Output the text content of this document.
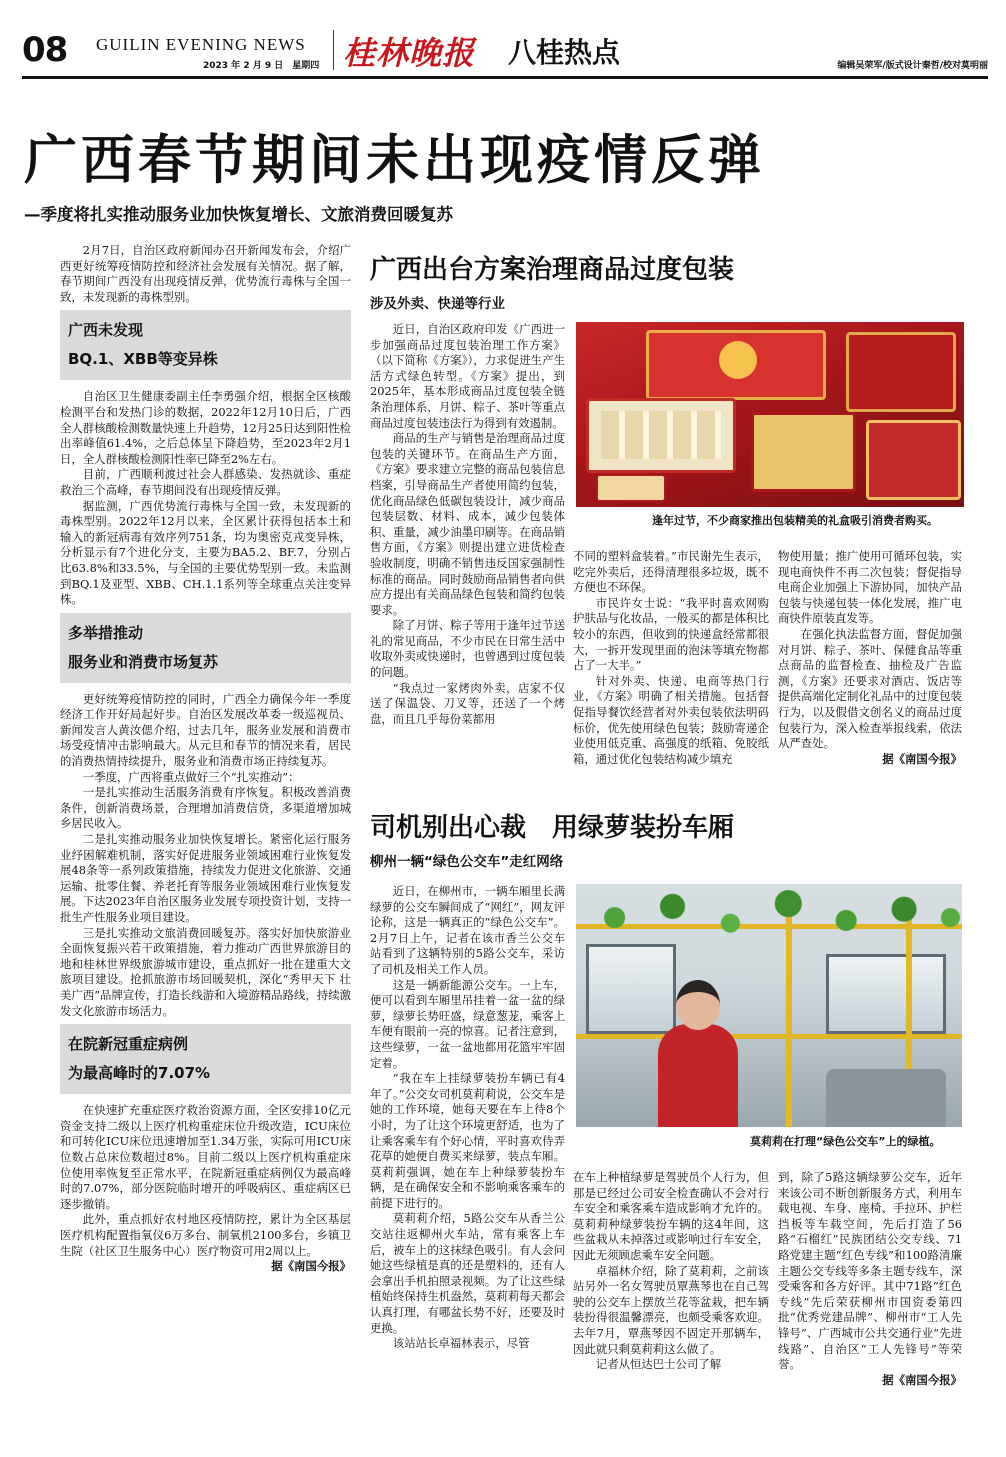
08 GUILIN EVENING NEWS
2023 年 2 月 9 日　星期四 桂林晚报 八桂热点	编辑吴荣军/版式设计秦哲/校对莫明丽
广西春节期间未出现疫情反弹
—季度将扎实推动服务业加快恢复增长、文旅消费回暖复苏

2月7日，自治区政府新闻办召开新闻发布会，介绍广西更好统筹疫情防控和经济社会发展有关情况。据了解，春节期间广西没有出现疫情反弹，优势流行毒株与全国一致，未发现新的毒株型别。

广西未发现
BQ.1、XBB等变异株

自治区卫生健康委副主任李勇强介绍，根据全区核酸检测平台和发热门诊的数据，2022年12月10日后，广西全人群核酸检测数量快速上升趋势，12月25日达到阳性检出率峰值61.4%，之后总体呈下降趋势，至2023年2月1日，全人群核酸检测阳性率已降至2%左右。

目前，广西顺利渡过社会人群感染、发热就诊、重症救治三个高峰，春节期间没有出现疫情反弹。

据监测，广西优势流行毒株与全国一致，未发现新的毒株型别。2022年12月以来，全区累计获得包括本土和输入的新冠病毒有效序列751条，均为奥密克戎变异株，分析显示有7个进化分支，主要为BA5.2、BF.7，分别占比63.8%和33.5%，与全国的主要优势型别一致。未监测到BQ.1及亚型、XBB、CH.1.1系列等全球重点关注变异株。

多举措推动
服务业和消费市场复苏

更好统筹疫情防控的同时，广西全力确保今年一季度经济工作开好局起好步。自治区发展改革委一级巡视员、新闻发言人黄汝偲介绍，过去几年，服务业发展和消费市场受疫情冲击影响最大。从元旦和春节的情况来看，居民的消费热情持续提升，服务业和消费市场正持续复苏。

一季度，广西将重点做好三个“扎实推动”：

一是扎实推动生活服务消费有序恢复。积极改善消费条件，创新消费场景，合理增加消费信贷，多渠道增加城乡居民收入。

二是扎实推动服务业加快恢复增长。紧密化运行服务业纾困解难机制，落实好促进服务业领域困难行业恢复发展48条等一系列政策措施，持续发力促进文化旅游、交通运输、批零住餐、养老托育等服务业领域困难行业恢复发展。下达2023年自治区服务业发展专项投资计划，支持一批生产性服务业项目建设。

三是扎实推动文旅消费回暖复苏。落实好加快旅游业全面恢复振兴若干政策措施，着力推动广西世界旅游目的地和桂林世界级旅游城市建设，重点抓好一批在建重大文旅项目建设。抢抓旅游市场回暖契机，深化“秀甲天下 壮美广西”品牌宣传，打造长线游和入境游精品路线，持续激发文化旅游市场活力。

在院新冠重症病例
为最高峰时的7.07%

在快速扩充重症医疗救治资源方面，全区安排10亿元资金支持二级以上医疗机构重症床位升级改造，ICU床位和可转化ICU床位迅速增加至1.34万张，实际可用ICU床位数占总床位数超过8%。目前二级以上医疗机构重症床位使用率恢复至正常水平，在院新冠重症病例仅为最高峰时的7.07%，部分医院临时增开的呼吸病区、重症病区已逐步撤销。

此外，重点抓好农村地区疫情防控，累计为全区基层医疗机构配置指氧仪6万多台、制氧机2100多台，乡镇卫生院（社区卫生服务中心）医疗物资可用2周以上。

据《南国今报》
广西出台方案治理商品过度包装
涉及外卖、快递等行业
逢年过节，不少商家推出包装精美的礼盒吸引消费者购买。

近日，自治区政府印发《广西进一步加强商品过度包装治理工作方案》（以下简称《方案》），力求促进生产生活方式绿色转型。《方案》提出，到2025年，基本形成商品过度包装全链条治理体系，月饼、粽子、茶叶等重点商品过度包装违法行为得到有效遏制。

商品的生产与销售是治理商品过度包装的关键环节。在商品生产方面，《方案》要求建立完整的商品包装信息档案，引导商品生产者使用简约包装，优化商品绿色低碳包装设计，减少商品包装层数、材料、成本，减少包装体积、重量，减少油墨印刷等。在商品销售方面，《方案》则提出建立进货检查验收制度，明确不销售违反国家强制性标准的商品。同时鼓励商品销售者向供应方提出有关商品绿色包装和简约包装要求。

除了月饼、粽子等用于逢年过节送礼的常见商品，不少市民在日常生活中收取外卖或快递时，也曾遇到过度包装的问题。

“我点过一家烤肉外卖，店家不仅送了保温袋、刀叉等，还送了一个烤盘，而且几乎每份菜都用

不同的塑料盒装着。”市民谢先生表示，吃完外卖后，还得清理很多垃圾，既不方便也不环保。

市民许女士说：“我平时喜欢网购护肤品与化妆品，一般买的都是体积比较小的东西，但收到的快递盒经常都很大，一拆开发现里面的泡沫等填充物都占了一大半。”

针对外卖、快递、电商等热门行业，《方案》明确了相关措施。包括督促指导餐饮经营者对外卖包装依法明码标价，优先使用绿色包装；鼓励寄递企业使用低克重、高强度的纸箱、免胶纸箱，通过优化包装结构减少填充

物使用量；推广使用可循环包装，实现电商快件不再二次包装；督促指导电商企业加强上下游协同，加快产品包装与快递包装一体化发展，推广电商快件原装直发等。

在强化执法监督方面，督促加强对月饼、粽子、茶叶、保健食品等重点商品的监督检查、抽检及广告监测，《方案》还要求对酒店、饭店等提供高端化定制化礼品中的过度包装行为，以及假借文创名义的商品过度包装行为，深入检查举报线索，依法从严查处。

据《南国今报》
司机别出心裁　用绿萝装扮车厢
柳州一辆“绿色公交车”走红网络
莫莉莉在打理“绿色公交车”上的绿植。

近日，在柳州市，一辆车厢里长满绿萝的公交车瞬间成了“网红”，网友评论称，这是一辆真正的“绿色公交车”。2月7日上午，记者在该市香兰公交车站看到了这辆特别的5路公交车，采访了司机及相关工作人员。

这是一辆新能源公交车。一上车，便可以看到车厢里吊挂着一盆一盆的绿萝，绿萝长势旺盛，绿意葱茏，乘客上车便有眼前一亮的惊喜。记者注意到，这些绿萝，一盆一盆地都用花篮牢牢固定着。

“我在车上挂绿萝装扮车辆已有4年了。”公交女司机莫莉莉说，公交车是她的工作环境，她每天要在车上待8个小时，为了让这个环境更舒适，也为了让乘客乘车有个好心情，平时喜欢侍弄花草的她便自费买来绿萝，装点车厢。莫莉莉强调，她在车上种绿萝装扮车辆，是在确保安全和不影响乘客乘车的前提下进行的。

莫莉莉介绍，5路公交车从香兰公交站往返柳州火车站，常有乘客上车后，被车上的这抹绿色吸引。有人会问她这些绿植是真的还是塑料的，还有人会拿出手机拍照录视频。为了让这些绿植始终保持生机盎然，莫莉莉每天都会认真打理，有哪盆长势不好，还要及时更换。

该站站长卓福林表示，尽管

在车上种植绿萝是驾驶员个人行为，但那是已经过公司安全检查确认不会对行车安全和乘客乘车造成影响才允许的。莫莉莉种绿萝装扮车辆的这4年间，这些盆栽从未掉落过或影响过行车安全，因此无须顾虑乘车安全问题。

卓福林介绍，除了莫莉莉，之前该站另外一名女驾驶员覃燕琴也在自己驾驶的公交车上摆放兰花等盆栽，把车辆装扮得很温馨漂亮，也颇受乘客欢迎。去年7月，覃燕琴因不固定开那辆车，因此就只剩莫莉莉这么做了。

记者从恒达巴士公司了解

到，除了5路这辆绿萝公交车，近年来该公司不断创新服务方式，利用车载电视、车身、座椅、手拉环、护栏挡板等车载空间，先后打造了56路“石榴红”民族团结公交专线、71路党建主题“红色专线”和100路清廉主题公交专线等多条主题专线车，深受乘客和各方好评。其中71路“红色专线”先后荣获柳州市国资委第四批“优秀党建品牌”、柳州市“工人先锋号”、广西城市公共交通行业“先进线路”、自治区“工人先锋号”等荣誉。

据《南国今报》
